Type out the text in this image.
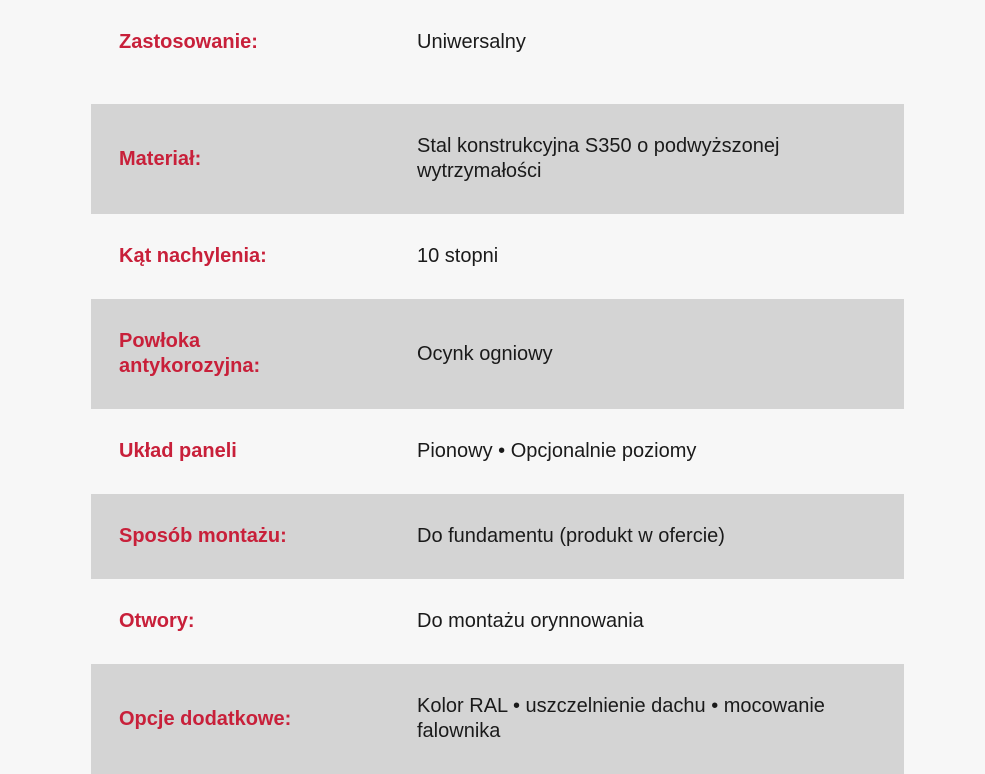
Zastosowanie:	Uniwersalny
Materiał:
Stal konstrukcyjna S350 o podwyższonej wytrzymałości
Kąt nachylenia:	10 stopni
Powłoka antykorozyjna:
Ocynk ogniowy
Układ paneli	Pionowy • Opcjonalnie poziomy
Sposób montażu:	Do fundamentu (produkt w ofercie)
Otwory:	Do montażu orynnowania
Opcje dodatkowe:
Kolor RAL • uszczelnienie dachu • mocowanie falownika
